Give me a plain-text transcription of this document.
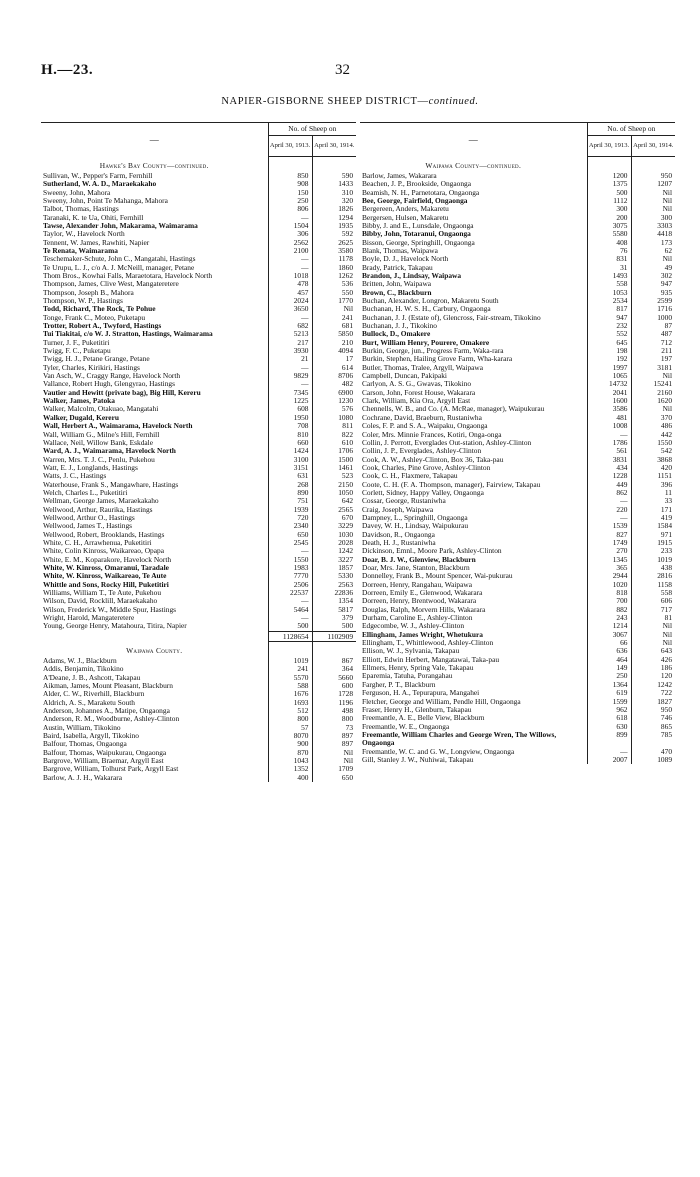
H.—23.	32
NAPIER-GISBORNE SHEEP DISTRICT—continued.
—	No. of Sheep on	
	April 30, 1913.	April 30, 1914.
Hawke's Bay County—continued.		
Sullivan, W., Pepper's Farm, Fernhill	850	590
Sutherland, W. A. D., Maraekakaho	908	1433
Sweeny, John, Mahora	150	310
Sweeny, John, Point Te Mahanga, Mahora	250	320
Talbot, Thomas, Hastings	806	1826
Taranaki, K. te Ua, Ohiti, Fernhill	—	1294
Tawse, Alexander John, Makarama, Waimarama	1504	1935
Taylor, W., Havelock North	306	592
Tennent, W. James, Rawhiti, Napier	2562	2625
Te Renata, Waimarama	2100	3580
Teschemaker-Schute, John C., Mangatahi, Hastings	—	1178
Te Urupu, L. J., c/o A. J. McNeill, manager, Petane	—	1860
Thom Bros., Kowhai Falls, Maraetotara, Havelock North	1018	1262
Thompson, James, Clive West, Mangateretere	478	536
Thompson, Joseph B., Mahora	457	550
Thompson, W. P., Hastings	2024	1770
Todd, Richard, The Rock, Te Pohue	3650	Nil
Tonge, Frank C., Moteo, Puketapu	—	241
Trotter, Robert A., Twyford, Hastings	682	681
Tui Tiakitai, c/o W. J. Stratton, Hastings, Waimarama	5213	5850
Turner, J. F., Puketitiri	217	210
Twigg, F. C., Puketapu	3930	4094
Twigg, H. J., Petane Grange, Petane	21	17
Tyler, Charles, Kirikiri, Hastings	—	614
Van Asch, W., Craggy Range, Havelock North	9829	8706
Vallance, Robert Hugh, Glengyrao, Hastings	—	482
Vautier and Hewitt (private bag), Big Hill, Kereru	7345	6900
Walker, James, Patoka	1225	1230
Walker, Malcolm, Otakuao, Mangatahi	608	576
Walker, Dugald, Kereru	1950	1080
Wall, Herbert A., Waimarama, Havelock North	708	811
Wall, William G., Milne's Hill, Fernhill	810	822
Wallace, Neil, Willow Bank, Eskdale	660	610
Ward, A. J., Waimarama, Havelock North	1424	1706
Warren, Mrs. T. J. C., Penlu, Pukehou	3100	1500
Watt, E. J., Longlands, Hastings	3151	1461
Watts, J. C., Hastings	631	523
Waterhouse, Frank S., Mangawhare, Hastings	268	2150
Welch, Charles L., Puketitiri	890	1050
Wellman, George James, Maraekakaho	751	642
Wellwood, Arthur, Raurika, Hastings	1939	2565
Wellwood, Arthur O., Hastings	720	670
Wellwood, James T., Hastings	2340	3229
Wellwood, Robert, Brooklands, Hastings	650	1030
White, C. H., Arrawhenua, Puketitiri	2545	2028
White, Colin Kinross, Waikareao, Opapa	—	1242
White, E. M., Koparakore, Havelock North	1550	3227
White, W. Kinross, Omaranui, Taradale	1983	1857
White, W. Kinross, Waikareao, Te Aute	7770	5330
Whittle and Sons, Rocky Hill, Puketitiri	2506	2563
Williams, William T., Te Aute, Pukehou	22537	22836
Wilson, David, Rocklill, Maraekakaho	—	1354
Wilson, Frederick W., Middle Spur, Hastings	5464	5817
Wright, Harold, Mangateretere	—	379
Young, George Henry, Matahoura, Titira, Napier	500	500
	1128654	1102909
Waipawa County.		
Adams, W. J., Blackburn	1019	867
Addis, Benjamin, Tikokino	241	364
A'Deane, J. B., Ashcott, Takapau	5570	5660
Aikman, James, Mount Pleasant, Blackburn	588	600
Alder, C. W., Riverhill, Blackburn	1676	1728
Aldrich, A. S., Maraketu South	1693	1196
Anderson, Johannes A., Matipe, Ongaonga	512	498
Anderson, R. M., Woodburne, Ashley-Clinton	800	800
Austin, William, Tikokino	57	73
Baird, Isabella, Argyll, Tikokino	8070	897
Balfour, Thomas, Ongaonga	900	897
Balfour, Thomas, Waipukurau, Ongaonga	870	Nil
Bargrove, William, Braemar, Argyll East	1043	Nil
Bargrove, William, Tolhurst Park, Argyll East	1352	1709
Barlow, A. J. H., Wakarara	400	650
—	No. of Sheep on	
	April 30, 1913.	April 30, 1914.
Waipawa County—continued.		
Barlow, James, Wakarara	1200	950
Beachen, J. P., Brookside, Ongaonga	1375	1207
Beamish, N. H., Parnetotara, Ongaonga	500	Nil
Bee, George, Fairfield, Ongaonga	1112	Nil
Bergereen, Anders, Makaretu	300	Nil
Bergersen, Hulsen, Makaretu	200	300
Bibby, J. and E., Lunsdale, Ongaonga	3075	3303
Bibby, John, Totaranui, Ongaonga	5580	4418
Bisson, George, Springhill, Ongaonga	408	173
Blank, Thomas, Waipawa	76	62
Boyle, D. J., Havelock North	831	Nil
Brady, Patrick, Takapau	31	49
Brandon, J., Lindsay, Waipawa	1493	302
Britten, John, Waipawa	558	947
Brown, C., Blackburn	1053	935
Buchan, Alexander, Longron, Makaretu South	2534	2599
Buchanan, H. W. S. H., Carbury, Ongaonga	817	1716
Buchanan, J. J. (Estate of), Glencross, Fair-stream, Tikokino	947	1000
Buchanan, J. J., Tikokino	232	87
Bullock, D., Omakere	552	487
Burt, William Henry, Pourere, Omakere	645	712
Burkin, George, jun., Progress Farm, Waka-rara	198	211
Burkin, Stephen, Hailing Grove Farm, Wha-karara	192	197
Butler, Thomas, Tralee, Argyll, Waipawa	1997	3181
Campbell, Duncan, Pakipaki	1065	Nil
Carlyon, A. S. G., Gwavas, Tikokino	14732	15241
Carson, John, Forest House, Wakarara	2041	2160
Clark, William, Kia Ora, Argyll East	1600	1620
Chennells, W. B., and Co. (A. McRae, manager), Waipukurau	3586	Nil
Cochrane, David, Braeburn, Rustaniwha	481	370
Coles, F. P. and S. A., Waipaku, Ongaonga	1008	486
Coler, Mrs. Minnie Frances, Kotiri, Onga-onga	—	442
Collin, J. Perrott, Everglades Out-station, Ashley-Clinton	1786	1550
Collin, J. P., Everglades, Ashley-Clinton	561	542
Cook, A. W., Ashley-Clinton, Box 36, Taka-pau	3831	3868
Cook, Charles, Pine Grove, Ashley-Clinton	434	420
Cook, C. H., Flaxmere, Takapau	1228	1151
Coote, C. H. (F. A. Thompson, manager), Fairview, Takapau	449	396
Corlett, Sidney, Happy Valley, Ongaonga	862	11
Cossar, George, Rustaniwha	—	33
Craig, Joseph, Waipawa	220	171
Dampney, L., Springhill, Ongaonga	—	419
Davey, W. H., Lindsay, Waipukurau	1539	1584
Davidson, R., Ongaonga	827	971
Death, H. J., Rustaniwha	1749	1915
Dickinson, Emnl., Moore Park, Ashley-Clinton	270	233
Doar, B. J. W., Glenview, Blackburn	1345	1019
Doar, Mrs. Jane, Stanton, Blackburn	365	438
Donnelley, Frank B., Mount Spencer, Wai-pukurau	2944	2816
Dorreen, Henry, Rangahau, Waipawa	1020	1158
Dorreen, Emily E., Glenwood, Wakarara	818	558
Dorreen, Henry, Brentwood, Wakarara	700	606
Douglas, Ralph, Morvern Hills, Wakarara	882	717
Durham, Caroline E., Ashley-Clinton	243	81
Edgecombe, W. J., Ashley-Clinton	1214	Nil
Ellingham, James Wright, Whetukura	3067	Nil
Ellingham, T., Whittlewood, Ashley-Clinton	66	Nil
Ellison, W. J., Sylvania, Takapau	636	643
Elliott, Edwin Herbert, Mangatawai, Taka-pau	464	426
Ellmers, Henry, Spring Vale, Takapau	149	186
Eparemia, Tatuha, Porangahau	250	120
Fargher, P. T., Blackburn	1364	1242
Ferguson, H. A., Tepurapura, Mangahei	619	722
Fletcher, George and William, Pendle Hill, Ongaonga	1599	1827
Fraser, Henry H., Glenburn, Takapau	962	950
Freemantle, A. E., Belle View, Blackburn	618	746
Freemantle, W. E., Ongaonga	630	865
Freemantle, William Charles and George Wren, The Willows, Ongaonga	899	785
Freemantle, W. C. and G. W., Longview, Ongaonga	—	470
Gill, Stanley J. W., Nuhiwai, Takapau	2007	1089
